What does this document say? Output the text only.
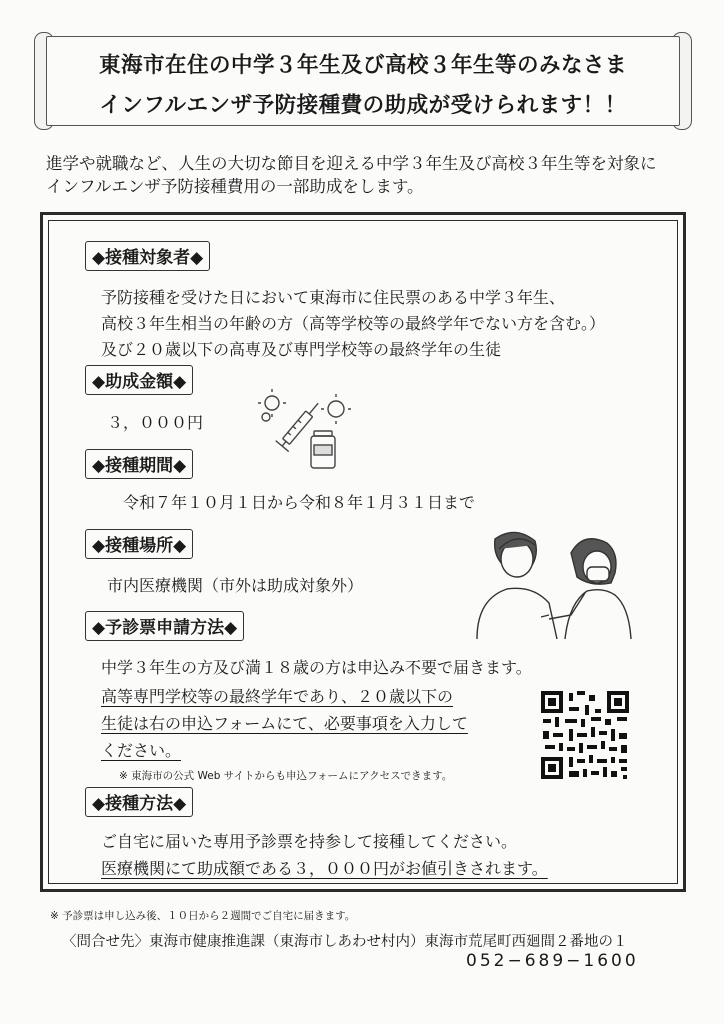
東海市在住の中学３年生及び高校３年生等のみなさま
インフルエンザ予防接種費の助成が受けられます！！
進学や就職など、人生の大切な節目を迎える中学３年生及び高校３年生等を対象に
インフルエンザ予防接種費用の一部助成をします。
◆接種対象者◆
予防接種を受けた日において東海市に住民票のある中学３年生、
高校３年生相当の年齢の方（高等学校等の最終学年でない方を含む。）
及び２０歳以下の高専及び専門学校等の最終学年の生徒
◆助成金額◆
３，０００円
◆接種期間◆
令和７年１０月１日から令和８年１月３１日まで
◆接種場所◆
市内医療機関（市外は助成対象外）
◆予診票申請方法◆
中学３年生の方及び満１８歳の方は申込み不要で届きます。
高等専門学校等の最終学年であり、２０歳以下の
生徒は右の申込フォームにて、必要事項を入力して
ください。
※ 東海市の公式 Web サイトからも申込フォームにアクセスできます。
◆接種方法◆
ご自宅に届いた専用予診票を持参して接種してください。
医療機関にて助成額である３，０００円がお値引きされます。
※ 予診票は申し込み後、１０日から２週間でご自宅に届きます。
〈問合せ先〉東海市健康推進課（東海市しあわせ村内）東海市荒尾町西廻間２番地の１
052−689−1600
